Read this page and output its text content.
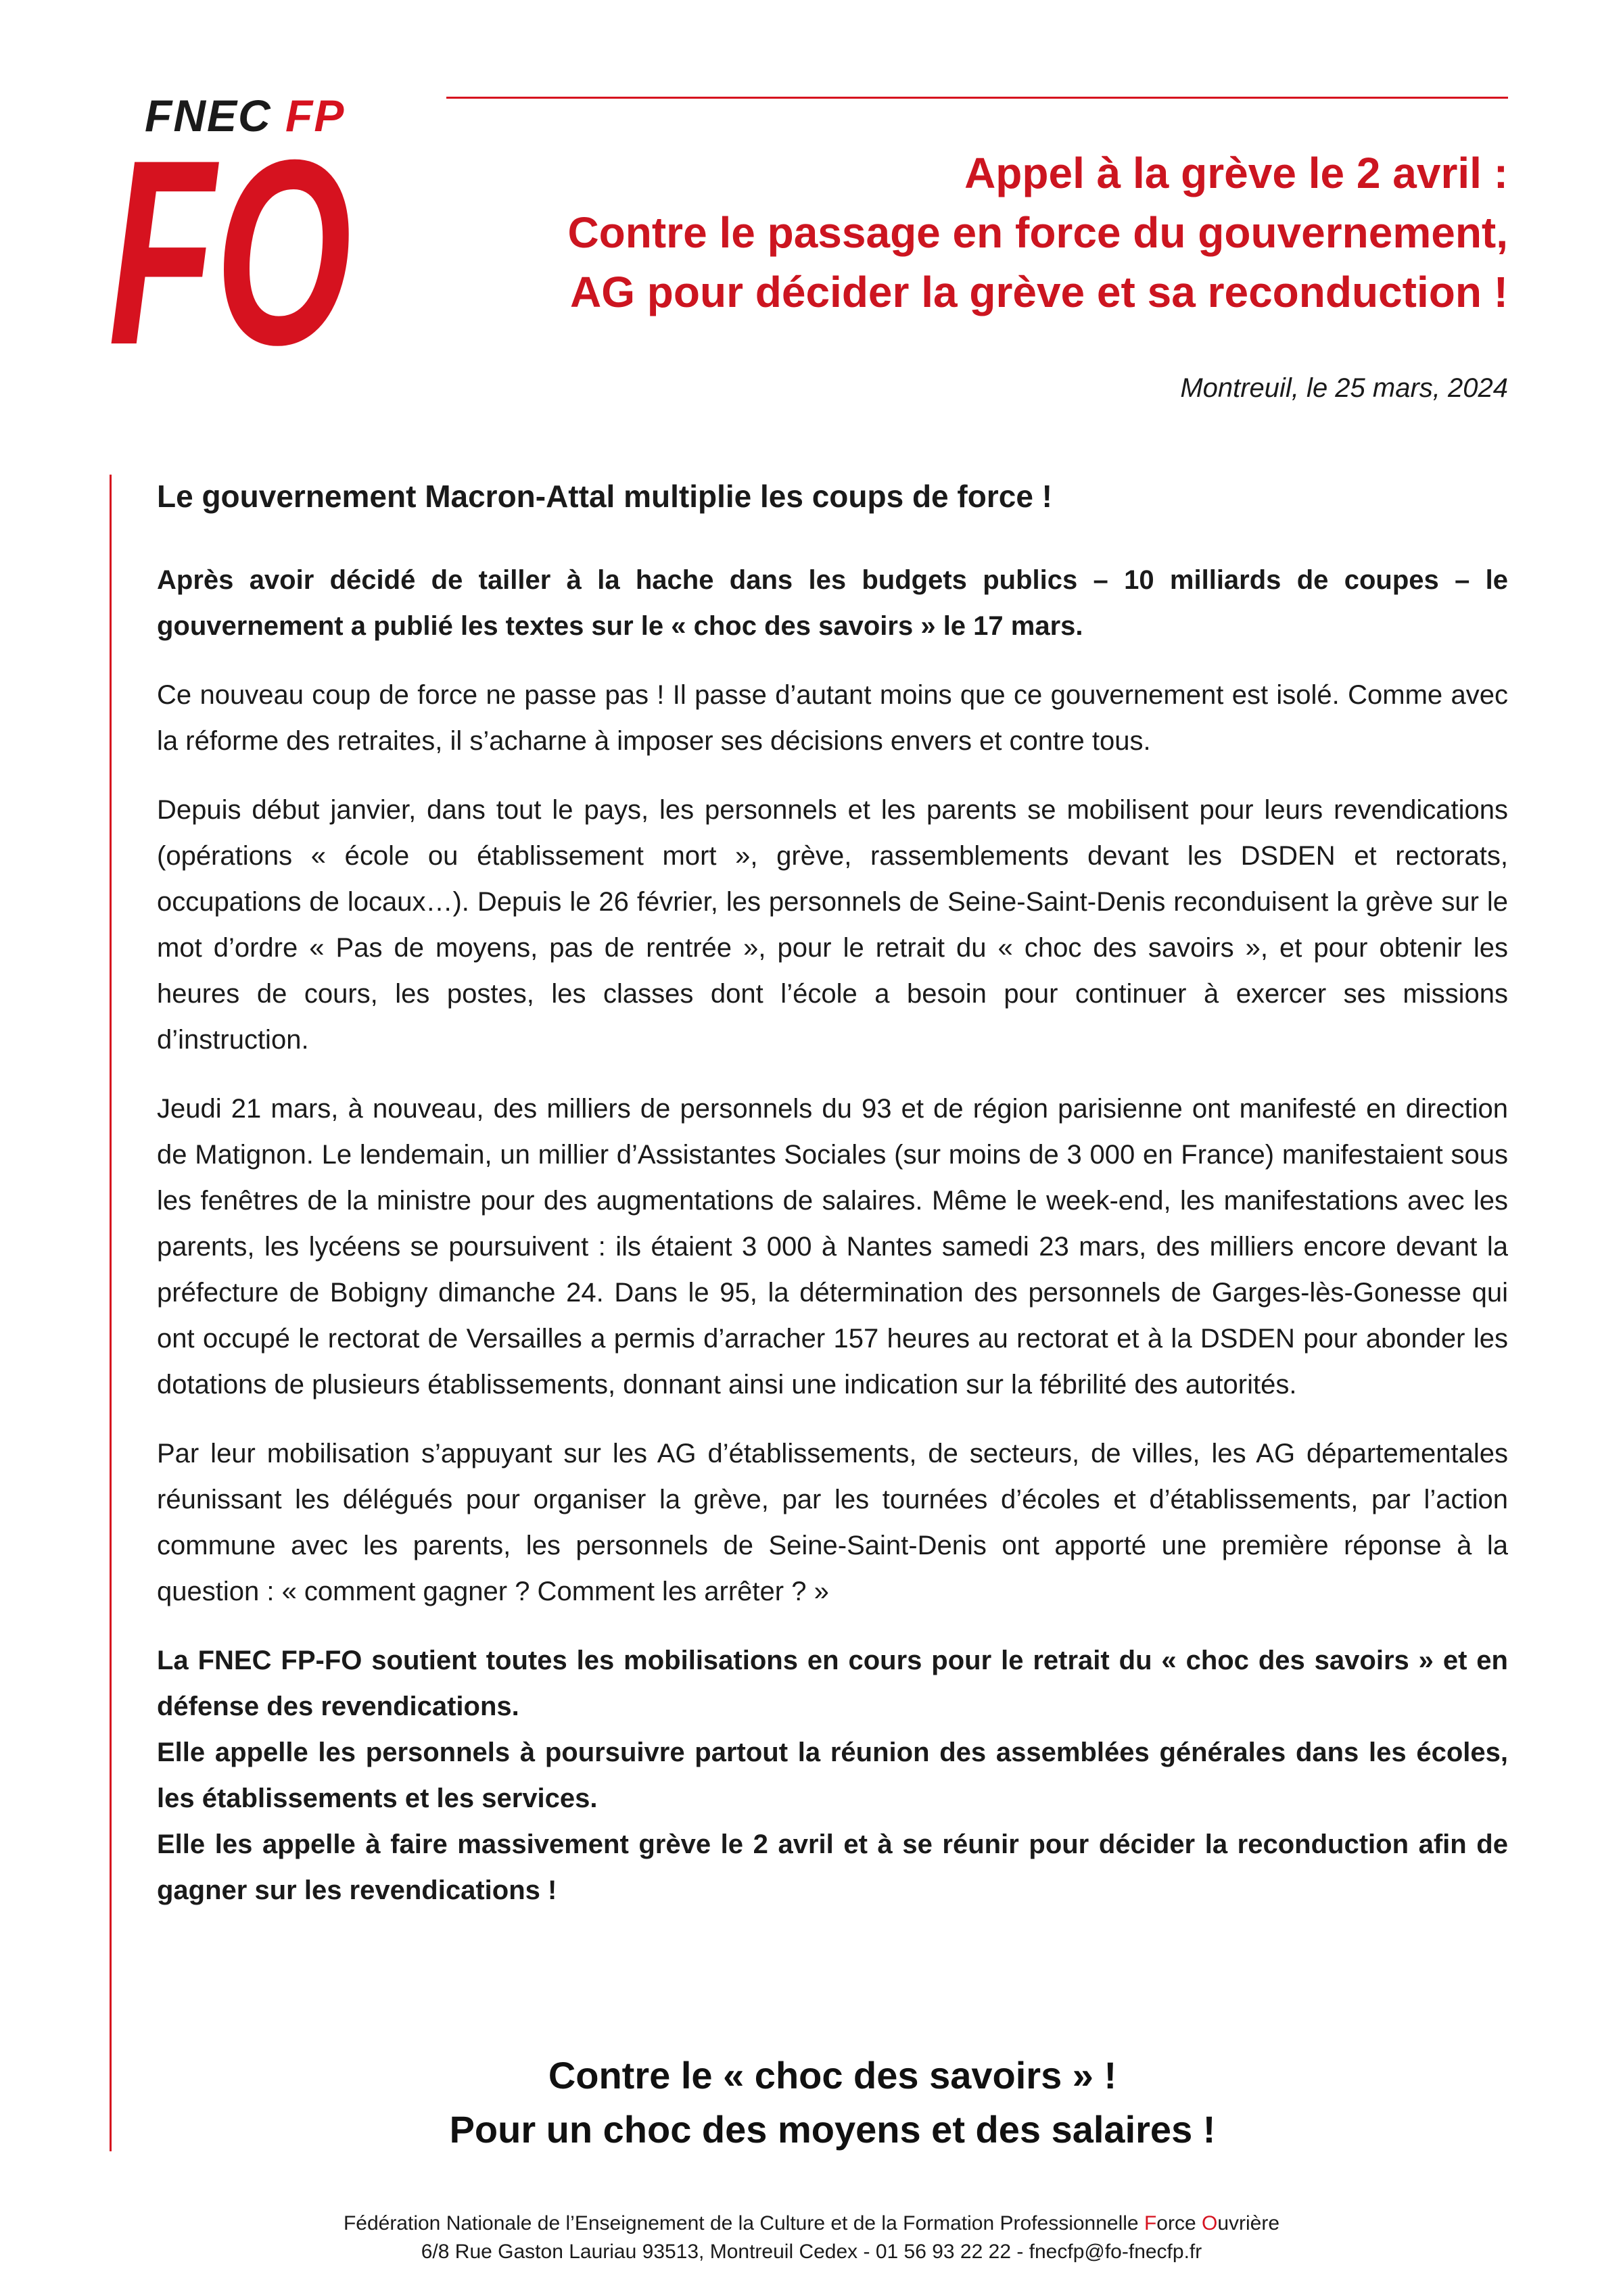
FNEC FP
FO	Appel à la grève le 2 avril :
Contre le passage en force du gouvernement,
AG pour décider la grève et sa reconduction !
Montreuil, le 25 mars, 2024

Le gouvernement Macron-Attal multiplie les coups de force !

Après avoir décidé de tailler à la hache dans les budgets publics – 10 milliards de coupes – le gouvernement a publié les textes sur le « choc des savoirs » le 17 mars.

Ce nouveau coup de force ne passe pas ! Il passe d’autant moins que ce gouvernement est isolé. Comme avec la réforme des retraites, il s’acharne à imposer ses décisions envers et contre tous.

Depuis début janvier, dans tout le pays, les personnels et les parents se mobilisent pour leurs revendications (opérations « école ou établissement mort », grève, rassemblements devant les DSDEN et rectorats, occupations de locaux…). Depuis le 26 février, les personnels de Seine-Saint-Denis reconduisent la grève sur le mot d’ordre « Pas de moyens, pas de rentrée », pour le retrait du « choc des savoirs », et pour obtenir les heures de cours, les postes, les classes dont l’école a besoin pour continuer à exercer ses missions d’instruction.

Jeudi 21 mars, à nouveau, des milliers de personnels du 93 et de région parisienne ont manifesté en direction de Matignon. Le lendemain, un millier d’Assistantes Sociales (sur moins de 3 000 en France) manifestaient sous les fenêtres de la ministre pour des augmentations de salaires. Même le week-end, les manifestations avec les parents, les lycéens se poursuivent : ils étaient 3 000 à Nantes samedi 23 mars, des milliers encore devant la préfecture de Bobigny dimanche 24. Dans le 95, la détermination des personnels de Garges-lès-Gonesse qui ont occupé le rectorat de Versailles a permis d’arracher 157 heures au rectorat et à la DSDEN pour abonder les dotations de plusieurs établissements, donnant ainsi une indication sur la fébrilité des autorités.

Par leur mobilisation s’appuyant sur les AG d’établissements, de secteurs, de villes, les AG départementales réunissant les délégués pour organiser la grève, par les tournées d’écoles et d’établissements, par l’action commune avec les parents, les personnels de Seine-Saint-Denis ont apporté une première réponse à la question : « comment gagner ? Comment les arrêter ? »

La FNEC FP-FO soutient toutes les mobilisations en cours pour le retrait du « choc des savoirs » et en défense des revendications.

Elle appelle les personnels à poursuivre partout la réunion des assemblées générales dans les écoles, les établissements et les services.

Elle les appelle à faire massivement grève le 2 avril et à se réunir pour décider la reconduction afin de gagner sur les revendications !

Contre le « choc des savoirs » !
Pour un choc des moyens et des salaires !
Fédération Nationale de l’Enseignement de la Culture et de la Formation Professionnelle Force Ouvrière
6/8 Rue Gaston Lauriau 93513, Montreuil Cedex - 01 56 93 22 22 - fnecfp@fo-fnecfp.fr
